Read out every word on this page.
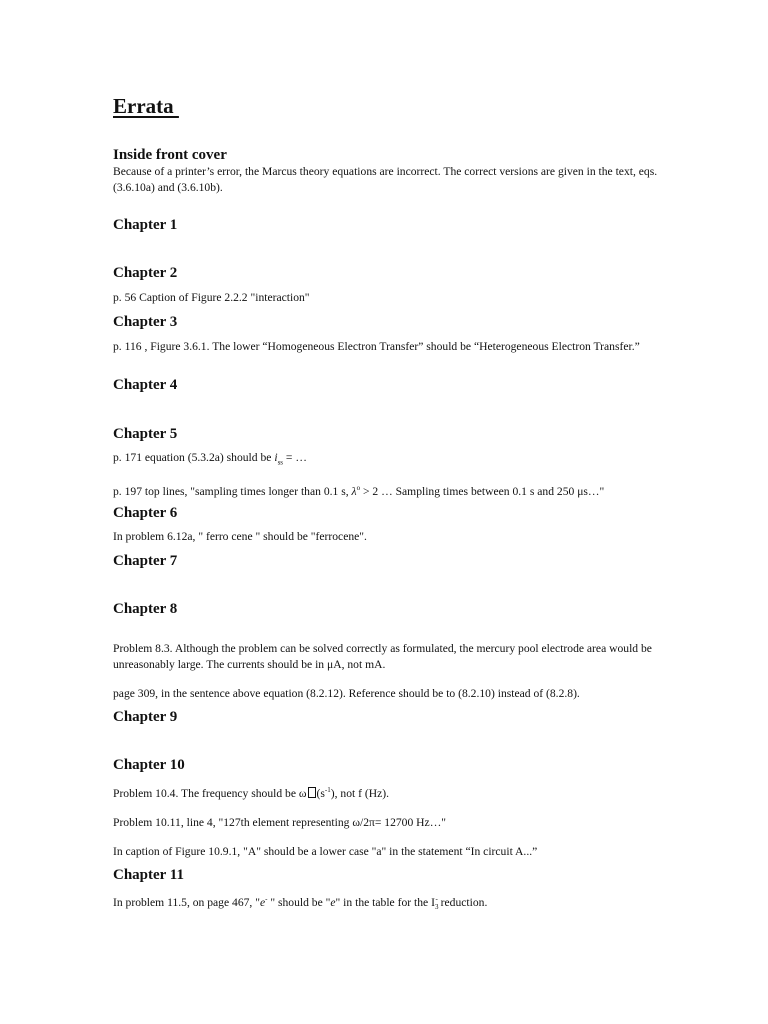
Errata
Inside front cover
Because of a printer’s error, the Marcus theory equations are incorrect. The correct versions are given in the text, eqs. (3.6.10a) and (3.6.10b).
Chapter 1
Chapter 2
p. 56 Caption of Figure 2.2.2 "interaction"
Chapter 3
p. 116 , Figure 3.6.1. The lower “Homogeneous Electron Transfer” should be “Heterogeneous Electron Transfer.”
Chapter 4
Chapter 5
p. 171 equation (5.3.2a) should be $i_{ss}$ = …
p. 197 top lines, "sampling times longer than 0.1 s, $\lambda^o > 2$ … Sampling times between 0.1 s and 250 μs…"
Chapter 6
In problem 6.12a, " ferro cene " should be "ferrocene".
Chapter 7
Chapter 8
Problem 8.3. Although the problem can be solved correctly as formulated, the mercury pool electrode area would be unreasonably large. The currents should be in μA, not mA.
page 309, in the sentence above equation (8.2.12). Reference should be to (8.2.10) instead of (8.2.8).
Chapter 9
Chapter 10
Problem 10.4. The frequency should be ω $(s^{-1})$, not f (Hz).
Problem 10.11, line 4, "127th element representing ω/2π= 12700 Hz…"
In caption of Figure 10.9.1, "A" should be a lower case "a" in the statement “In circuit A...”
Chapter 11
In problem 11.5, on page 467, "e- " should be "e" in the table for the $I_3^-$ reduction.
